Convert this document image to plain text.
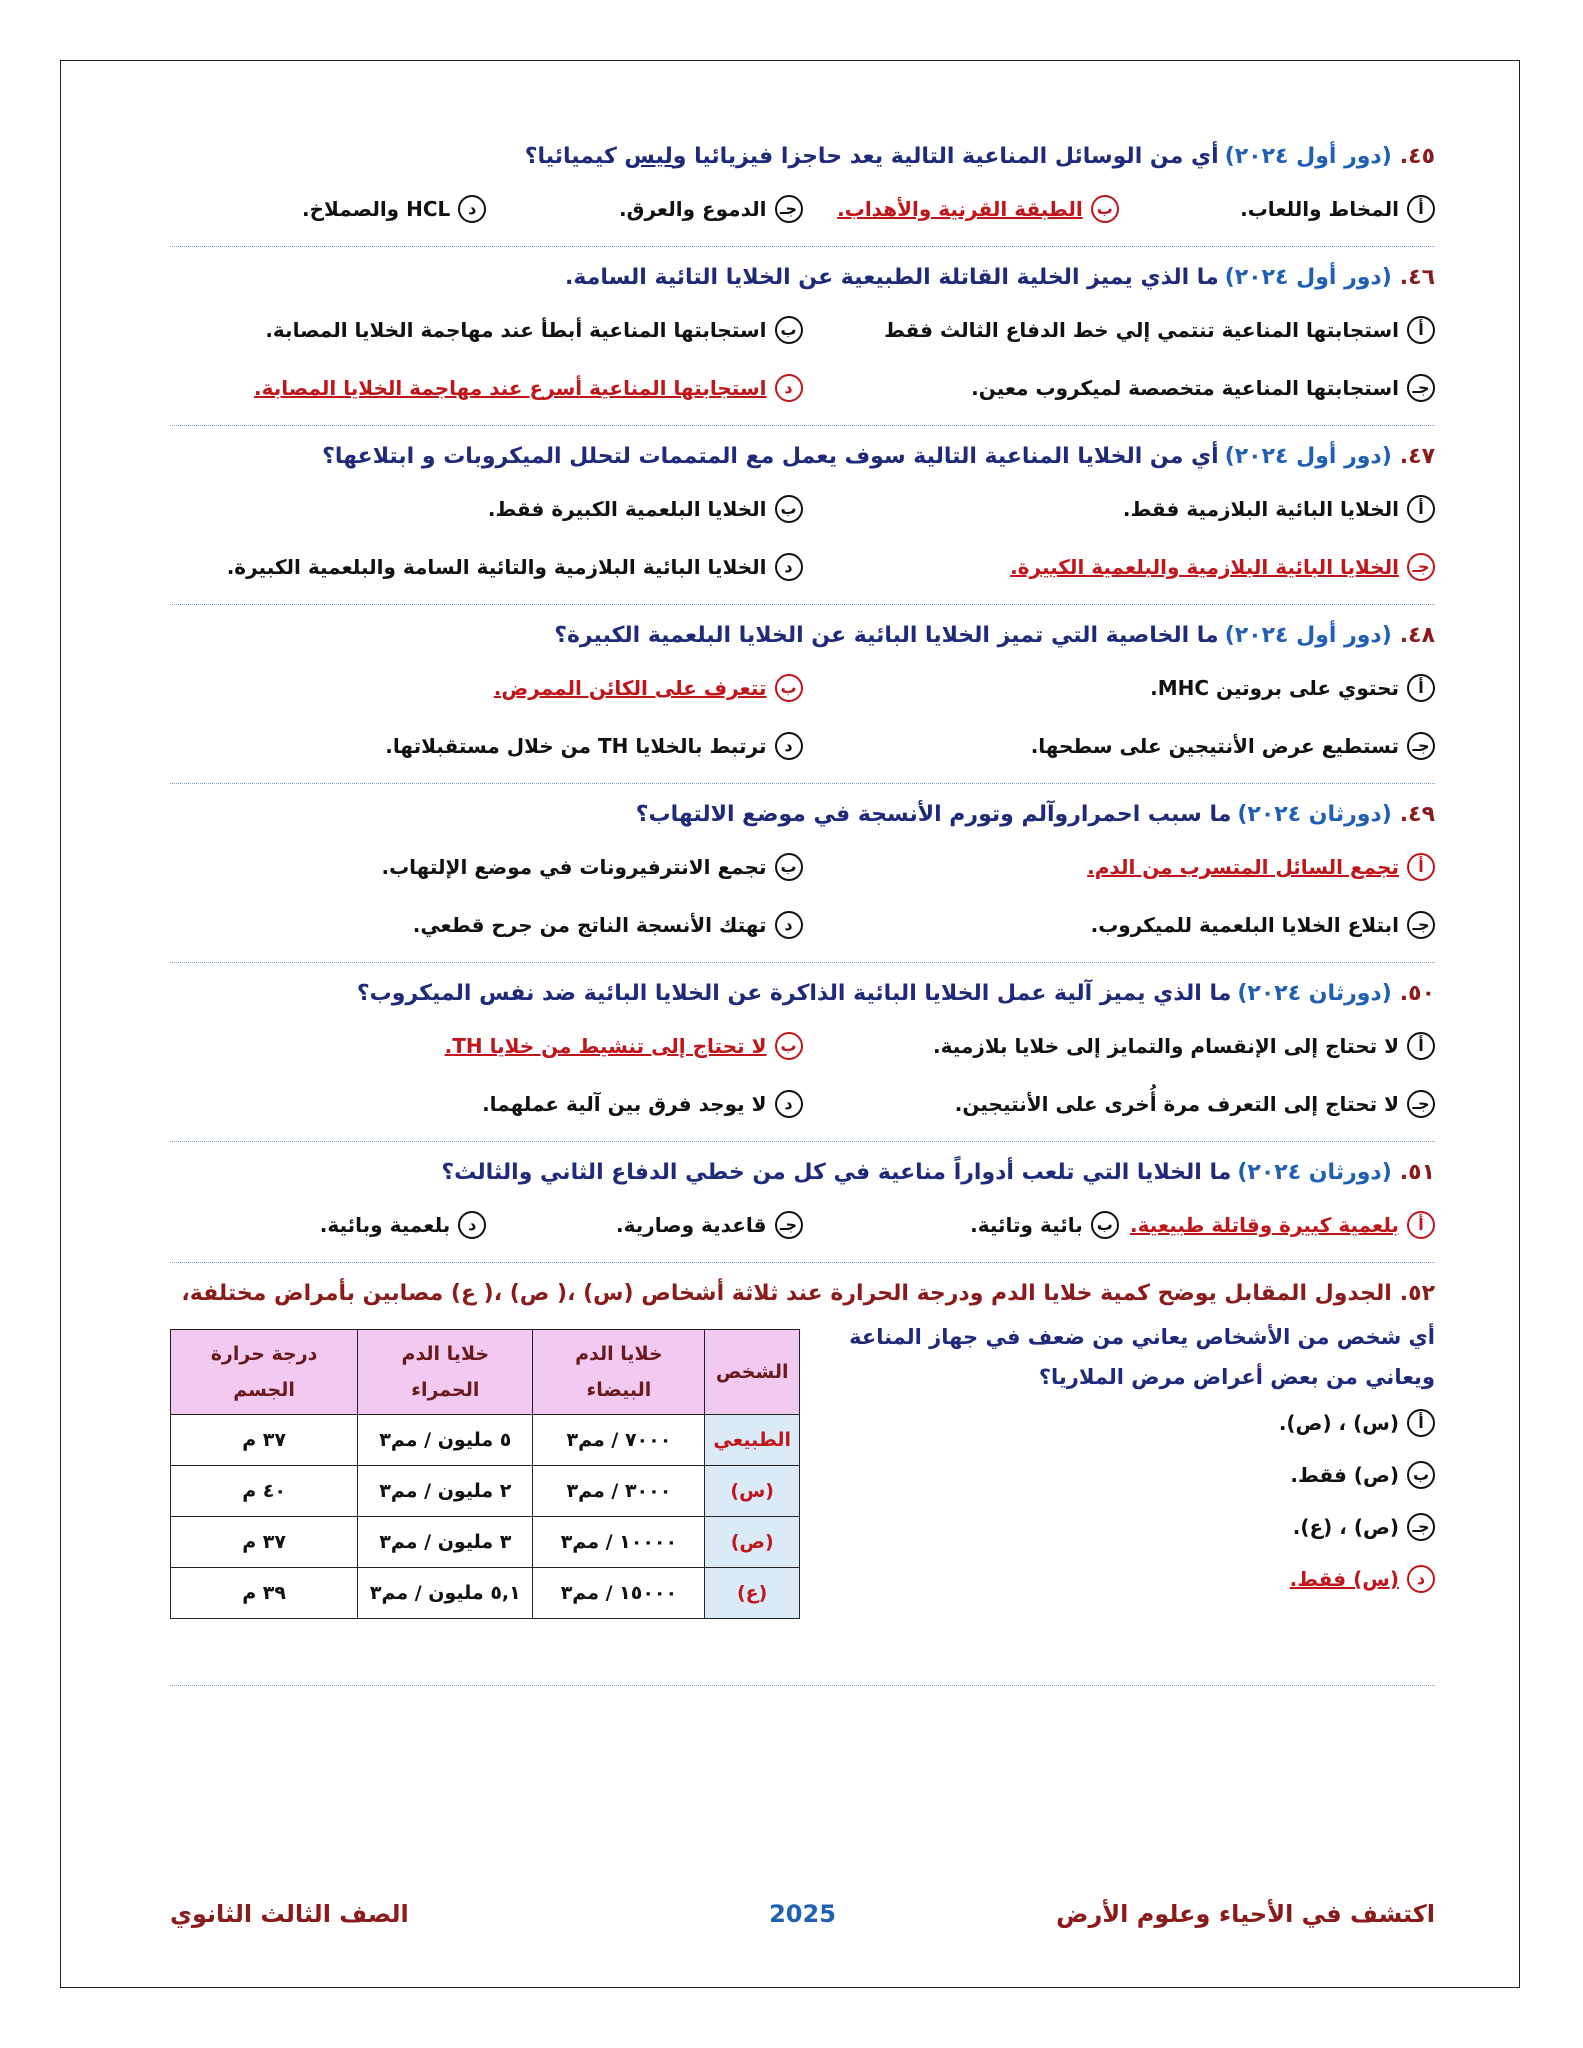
٤٥.(دور أول ٢٠٢٤)أي من الوسائل المناعية التالية يعد حاجزا فيزيائيا وليس كيميائيا؟
أ
المخاط واللعاب.
ب
الطبقة القرنية والأهداب.
جـ
الدموع والعرق.
د
HCL والصملاخ.
٤٦.(دور أول ٢٠٢٤)ما الذي يميز الخلية القاتلة الطبيعية عن الخلايا التائية السامة.
أ
استجابتها المناعية تنتمي إلي خط الدفاع الثالث فقط
ب
استجابتها المناعية أبطأ عند مهاجمة الخلايا المصابة.
جـ
استجابتها المناعية متخصصة لميكروب معين.
د
استجابتها المناعية أسرع عند مهاجمة الخلايا المصابة.
٤٧.(دور أول ٢٠٢٤)أي من الخلايا المناعية التالية سوف يعمل مع المتممات لتحلل الميكروبات و ابتلاعها؟
أ
الخلايا البائية البلازمية فقط.
ب
الخلايا البلعمية الكبيرة فقط.
جـ
الخلايا البائية البلازمية والبلعمية الكبيرة.
د
الخلايا البائية البلازمية والتائية السامة والبلعمية الكبيرة.
٤٨.(دور أول ٢٠٢٤)ما الخاصية التي تميز الخلايا البائية عن الخلايا البلعمية الكبيرة؟
أ
تحتوي على بروتين MHC.
ب
تتعرف على الكائن الممرض.
جـ
تستطيع عرض الأنتيجين على سطحها.
د
ترتبط بالخلايا TH من خلال مستقبلاتها.
٤٩.(دورثان ٢٠٢٤)ما سبب احمراروآلم وتورم الأنسجة في موضع الالتهاب؟
أ
تجمع السائل المتسرب من الدم.
ب
تجمع الانترفيرونات في موضع الإلتهاب.
جـ
ابتلاع الخلايا البلعمية للميكروب.
د
تهتك الأنسجة الناتج من جرح قطعي.
٥٠.(دورثان ٢٠٢٤)ما الذي يميز آلية عمل الخلايا البائية الذاكرة عن الخلايا البائية ضد نفس الميكروب؟
أ
لا تحتاج إلى الإنقسام والتمايز إلى خلايا بلازمية.
ب
لا تحتاج إلى تنشيط من خلايا TH.
جـ
لا تحتاج إلى التعرف مرة أُخرى على الأنتيجين.
د
لا يوجد فرق بين آلية عملهما.
٥١.(دورثان ٢٠٢٤)ما الخلايا التي تلعب أدواراً مناعية في كل من خطي الدفاع الثاني والثالث؟
أ
بلعمية كبيرة وقاتلة طبيعية.
ب
بائية وتائية.
جـ
قاعدية وصارية.
د
بلعمية وبائية.
٥٢.الجدول المقابل يوضح كمية خلايا الدم ودرجة الحرارة عند ثلاثة أشخاص (س) ،( ص) ،( ع) مصابين بأمراض مختلفة،
أي شخص من الأشخاص يعاني من ضعف في جهاز المناعة
ويعاني من بعض أعراض مرض الملاريا؟
أ
(س) ، (ص).
ب
(ص) فقط.
جـ
(ص) ، (ع).
د
(س) فقط.
الشخص	خلايا الدم البيضاء	خلايا الدم الحمراء	درجة حرارة الجسم
الطبيعي	٧٠٠٠ / مم٣	٥ مليون / مم٣	٣٧ م
(س)	٣٠٠٠ / مم٣	٢ مليون / مم٣	٤٠ م
(ص)	١٠٠٠٠ / مم٣	٣ مليون / مم٣	٣٧ م
(ع)	١٥٠٠٠ / مم٣	٥,١ مليون / مم٣	٣٩ م
اكتشف في الأحياء وعلوم الأرض
2025
الصف الثالث الثانوي
